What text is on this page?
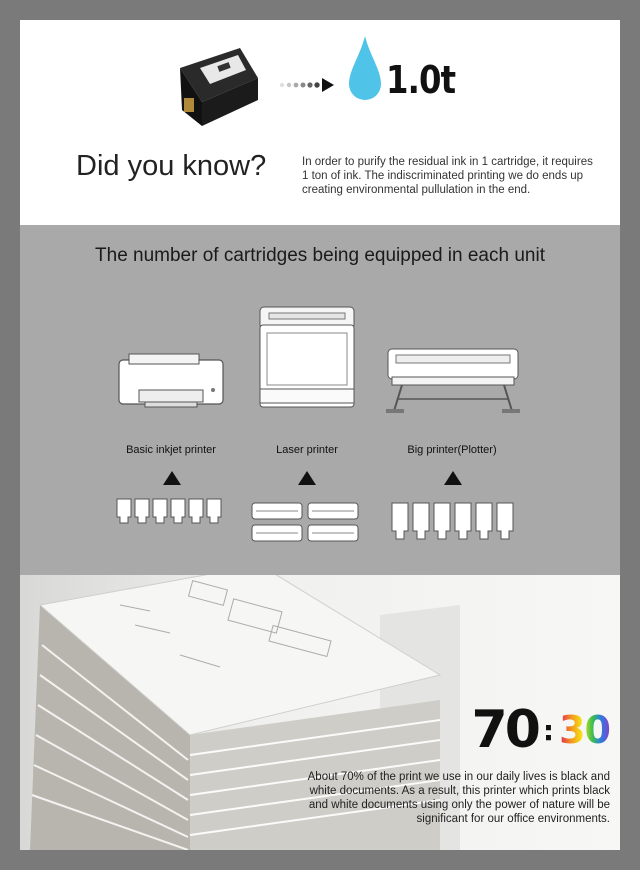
1.0t
Did you know?	In order to purify the residual ink in 1 cartridge, it requires 1 ton of ink. The indiscriminated printing we do ends up creating environmental pullulation in the end.
The number of cartridges being equipped in each unit
Basic inkjet printer	Laser printer	Big printer(Plotter)
70 : 30
About 70% of the print we use in our daily lives is black and white documents. As a result, this printer which prints black and white documents using only the power of nature will be significant for our office environments.
